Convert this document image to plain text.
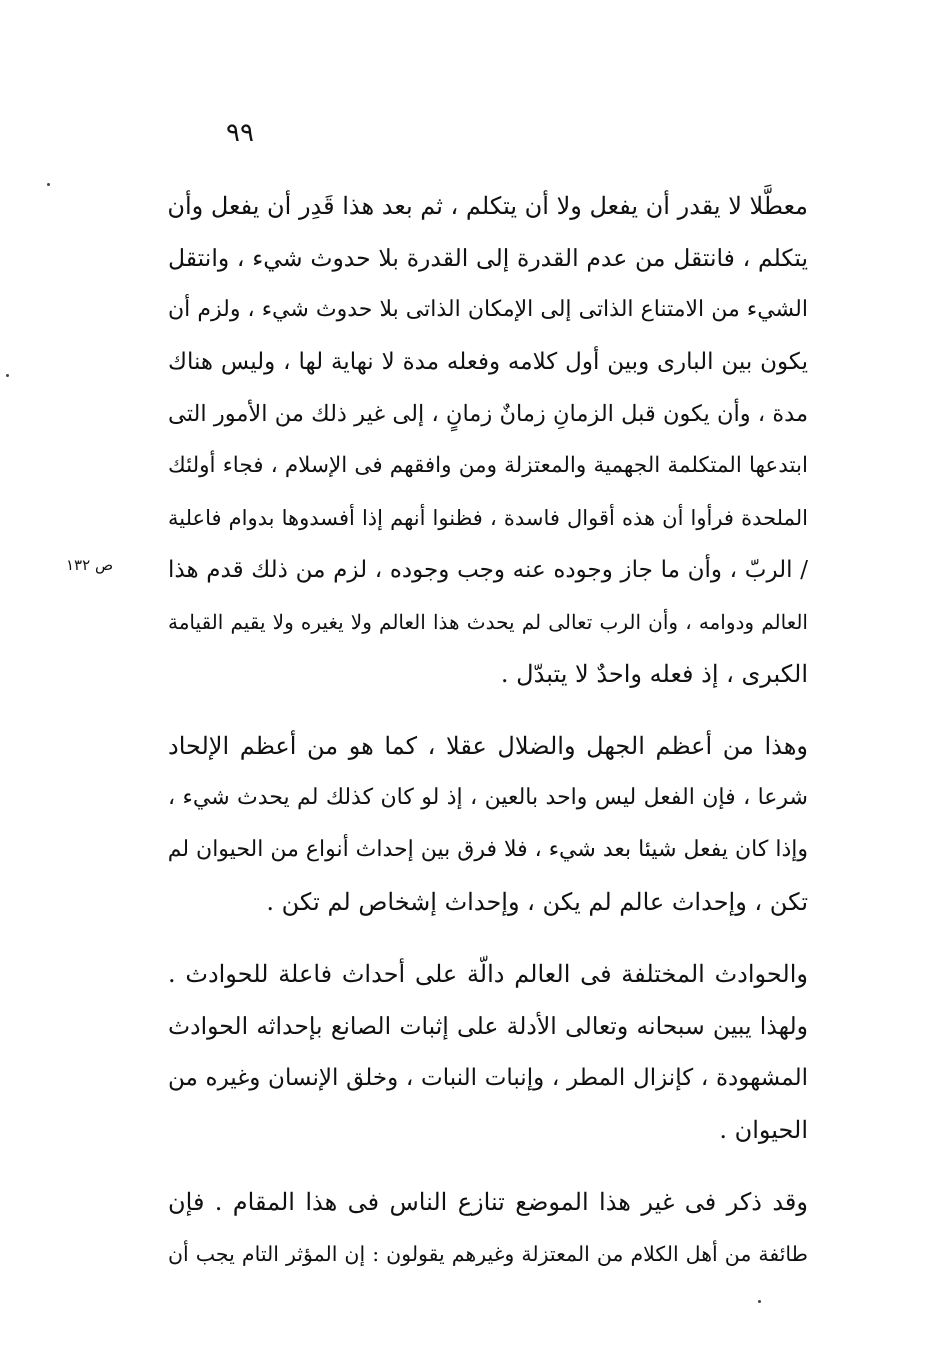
٩٩
ص ١٣٢
معطَّلا لا يقدر أن يفعل ولا أن يتكلم ، ثم بعد هذا قَدِر أن يفعل وأن
يتكلم ، فانتقل من عدم القدرة إلى القدرة بلا حدوث شيء ، وانتقل
الشيء من الامتناع الذاتى إلى الإمكان الذاتى بلا حدوث شيء ، ولزم أن
يكون بين البارى وبين أول كلامه وفعله مدة لا نهاية لها ، وليس هناك
مدة ، وأن يكون قبل الزمانِ زمانٌ زمانٍ ، إلى غير ذلك من الأمور التى
ابتدعها المتكلمة الجهمية والمعتزلة ومن وافقهم فى الإسلام ، فجاء أولئك
الملحدة فرأوا أن هذه أقوال فاسدة ، فظنوا أنهم إذا أفسدوها بدوام فاعلية
/ الربّ ، وأن ما جاز وجوده عنه وجب وجوده ، لزم من ذلك قدم هذا
العالم ودوامه ، وأن الرب تعالى لم يحدث هذا العالم ولا يغيره ولا يقيم القيامة
الكبرى ، إذ فعله واحدٌ لا يتبدّل .
وهذا من أعظم الجهل والضلال عقلا ، كما هو من أعظم الإلحاد
شرعا ، فإن الفعل ليس واحد بالعين ، إذ لو كان كذلك لم يحدث شيء ،
وإذا كان يفعل شيئا بعد شيء ، فلا فرق بين إحداث أنواع من الحيوان لم
تكن ، وإحداث عالم لم يكن ، وإحداث إشخاص لم تكن .
والحوادث المختلفة فى العالم دالّة على أحداث فاعلة للحوادث .
ولهذا يبين سبحانه وتعالى الأدلة على إثبات الصانع بإحداثه الحوادث
المشهودة ، كإنزال المطر ، وإنبات النبات ، وخلق الإنسان وغيره من
الحيوان .
وقد ذكر فى غير هذا الموضع تنازع الناس فى هذا المقام . فإن
طائفة من أهل الكلام من المعتزلة وغيرهم يقولون : إن المؤثر التام يجب أن
